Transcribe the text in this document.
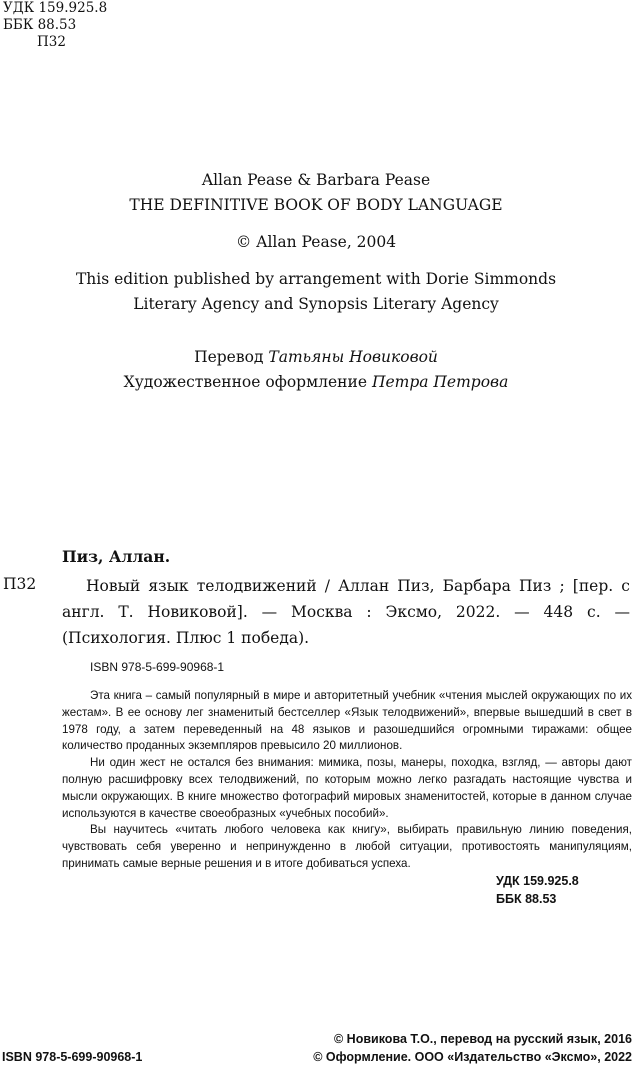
УДК 159.925.8
ББК 88.53
П32
Allan Pease & Barbara Pease
THE DEFINITIVE BOOK OF BODY LANGUAGE
© Allan Pease, 2004
This edition published by arrangement with Dorie Simmonds
Literary Agency and Synopsis Literary Agency
Перевод Татьяны Новиковой
Художественное оформление Петра Петрова
Пиз, Аллан.
П32	Новый язык телодвижений / Аллан Пиз, Барбара Пиз ; [пер. с англ. Т. Новиковой]. — Москва : Эксмо, 2022. — 448 с. — (Психология. Плюс 1 победа).
ISBN 978-5-699-90968-1

Эта книга – самый популярный в мире и авторитетный учебник «чтения мыслей окружающих по их жестам». В ее основу лег знаменитый бестселлер «Язык телодвижений», впервые вышедший в свет в 1978 году, а затем переведенный на 48 языков и разошедшийся огромными тиражами: общее количество проданных экземпляров превысило 20 миллионов.

Ни один жест не остался без внимания: мимика, позы, манеры, походка, взгляд, — авторы дают полную расшифровку всех телодвижений, по которым можно легко разгадать настоящие чувства и мысли окружающих. В книге множество фотографий мировых знаменитостей, которые в данном случае используются в качестве своеобразных «учебных пособий».

Вы научитесь «читать любого человека как книгу», выбирать правильную линию поведения, чувствовать себя уверенно и непринужденно в любой ситуации, противостоять манипуляциям, принимать самые верные решения и в итоге добиваться успеха.

УДК 159.925.8
ББК 88.53
© Новикова Т.О., перевод на русский язык, 2016
© Оформление. ООО «Издательство «Эксмо», 2022
ISBN 978-5-699-90968-1
